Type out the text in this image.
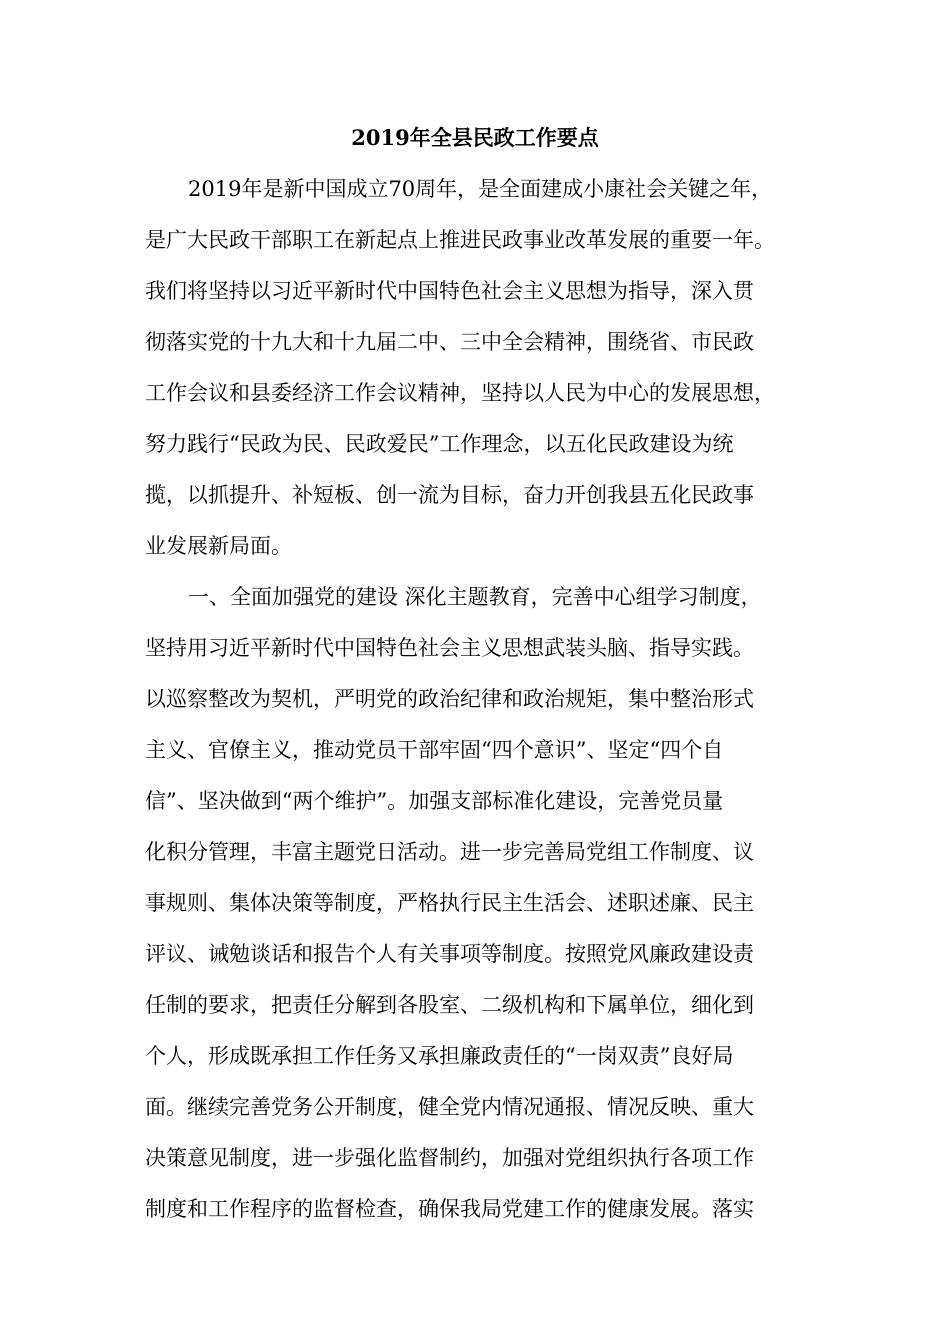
2019年全县民政工作要点
2019年是新中国成立70周年，是全面建成小康社会关键之年，
是广大民政干部职工在新起点上推进民政事业改革发展的重要一年。
我们将坚持以习近平新时代中国特色社会主义思想为指导，深入贯
彻落实党的十九大和十九届二中、三中全会精神，围绕省、市民政
工作会议和县委经济工作会议精神，坚持以人民为中心的发展思想，
努力践行“民政为民、民政爱民”工作理念，以五化民政建设为统
揽，以抓提升、补短板、创一流为目标，奋力开创我县五化民政事
业发展新局面。
一、全面加强党的建设 深化主题教育，完善中心组学习制度，
坚持用习近平新时代中国特色社会主义思想武装头脑、指导实践。
以巡察整改为契机，严明党的政治纪律和政治规矩，集中整治形式
主义、官僚主义，推动党员干部牢固“四个意识”、坚定“四个自
信”、坚决做到“两个维护”。加强支部标准化建设，完善党员量
化积分管理，丰富主题党日活动。进一步完善局党组工作制度、议
事规则、集体决策等制度，严格执行民主生活会、述职述廉、民主
评议、诫勉谈话和报告个人有关事项等制度。按照党风廉政建设责
任制的要求，把责任分解到各股室、二级机构和下属单位，细化到
个人，形成既承担工作任务又承担廉政责任的“一岗双责”良好局
面。继续完善党务公开制度，健全党内情况通报、情况反映、重大
决策意见制度，进一步强化监督制约，加强对党组织执行各项工作
制度和工作程序的监督检查，确保我局党建工作的健康发展。落实
